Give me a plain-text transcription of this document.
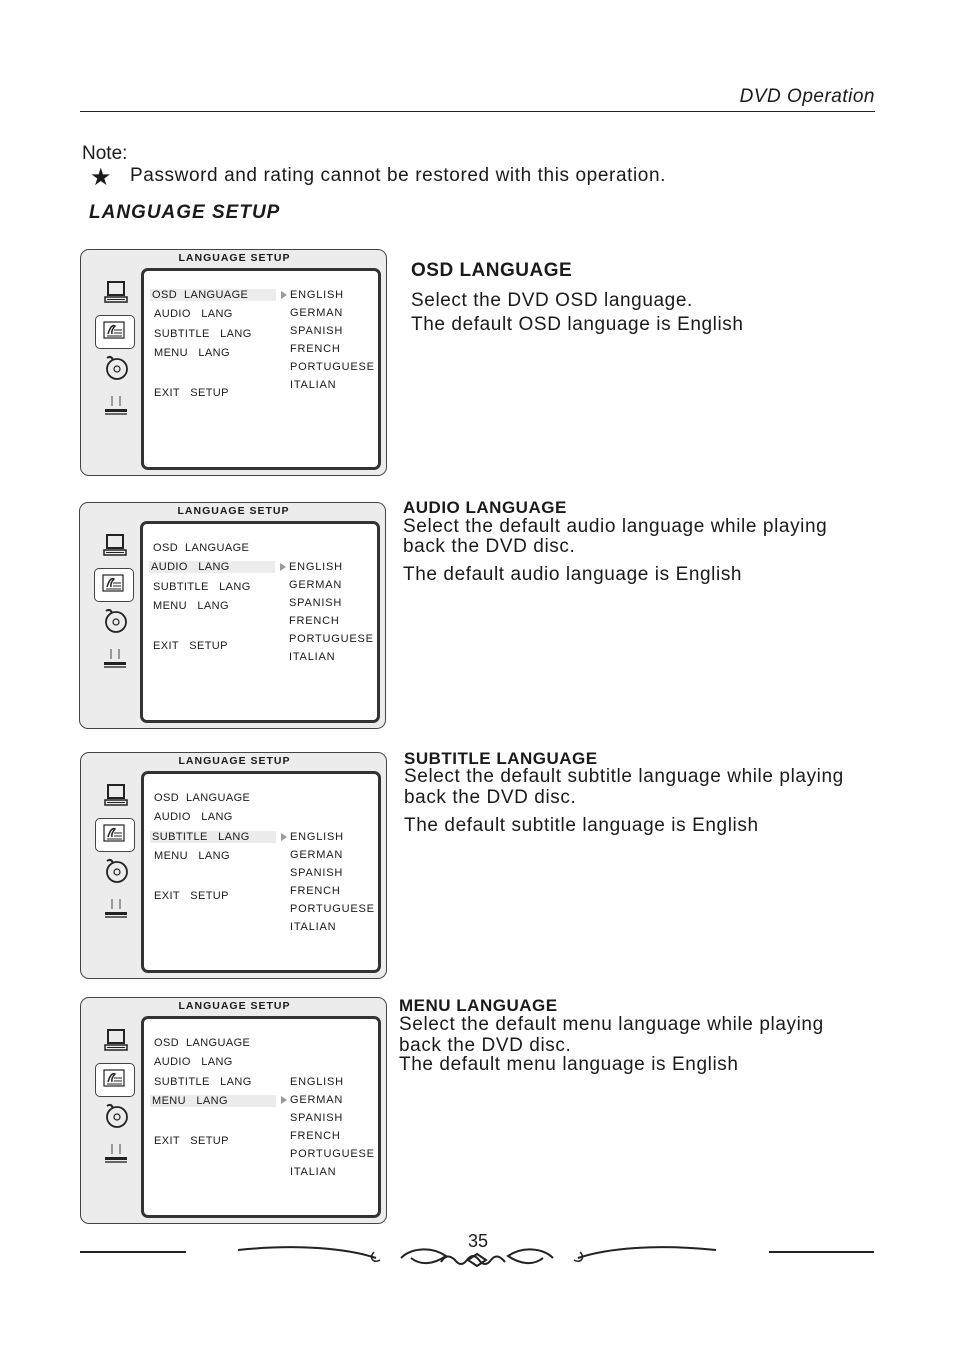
DVD Operation
Note:
★ Password and rating cannot be restored with this operation.
LANGUAGE SETUP
LANGUAGE SETUP
OSD  LANGUAGE
AUDIO   LANG
SUBTITLE   LANG
MENU   LANG
EXIT   SETUP
ENGLISH
GERMAN
SPANISH
FRENCH
PORTUGUESE
ITALIAN
LANGUAGE SETUP
OSD  LANGUAGE
AUDIO   LANG
SUBTITLE   LANG
MENU   LANG
EXIT   SETUP
ENGLISH
GERMAN
SPANISH
FRENCH
PORTUGUESE
ITALIAN
LANGUAGE SETUP
OSD  LANGUAGE
AUDIO   LANG
SUBTITLE   LANG
MENU   LANG
EXIT   SETUP
ENGLISH
GERMAN
SPANISH
FRENCH
PORTUGUESE
ITALIAN
LANGUAGE SETUP
OSD  LANGUAGE
AUDIO   LANG
SUBTITLE   LANG
MENU   LANG
EXIT   SETUP
ENGLISH
GERMAN
SPANISH
FRENCH
PORTUGUESE
ITALIAN
OSD LANGUAGE
Select the DVD OSD language.
The default OSD language is English
AUDIO LANGUAGE
Select the default audio language while playing
back the DVD disc.
The default audio language is English
SUBTITLE LANGUAGE
Select the default subtitle language while playing
back the DVD disc.
The default subtitle language is English
MENU LANGUAGE
Select the default menu language while playing
back the DVD disc.
The default menu language is English
35
